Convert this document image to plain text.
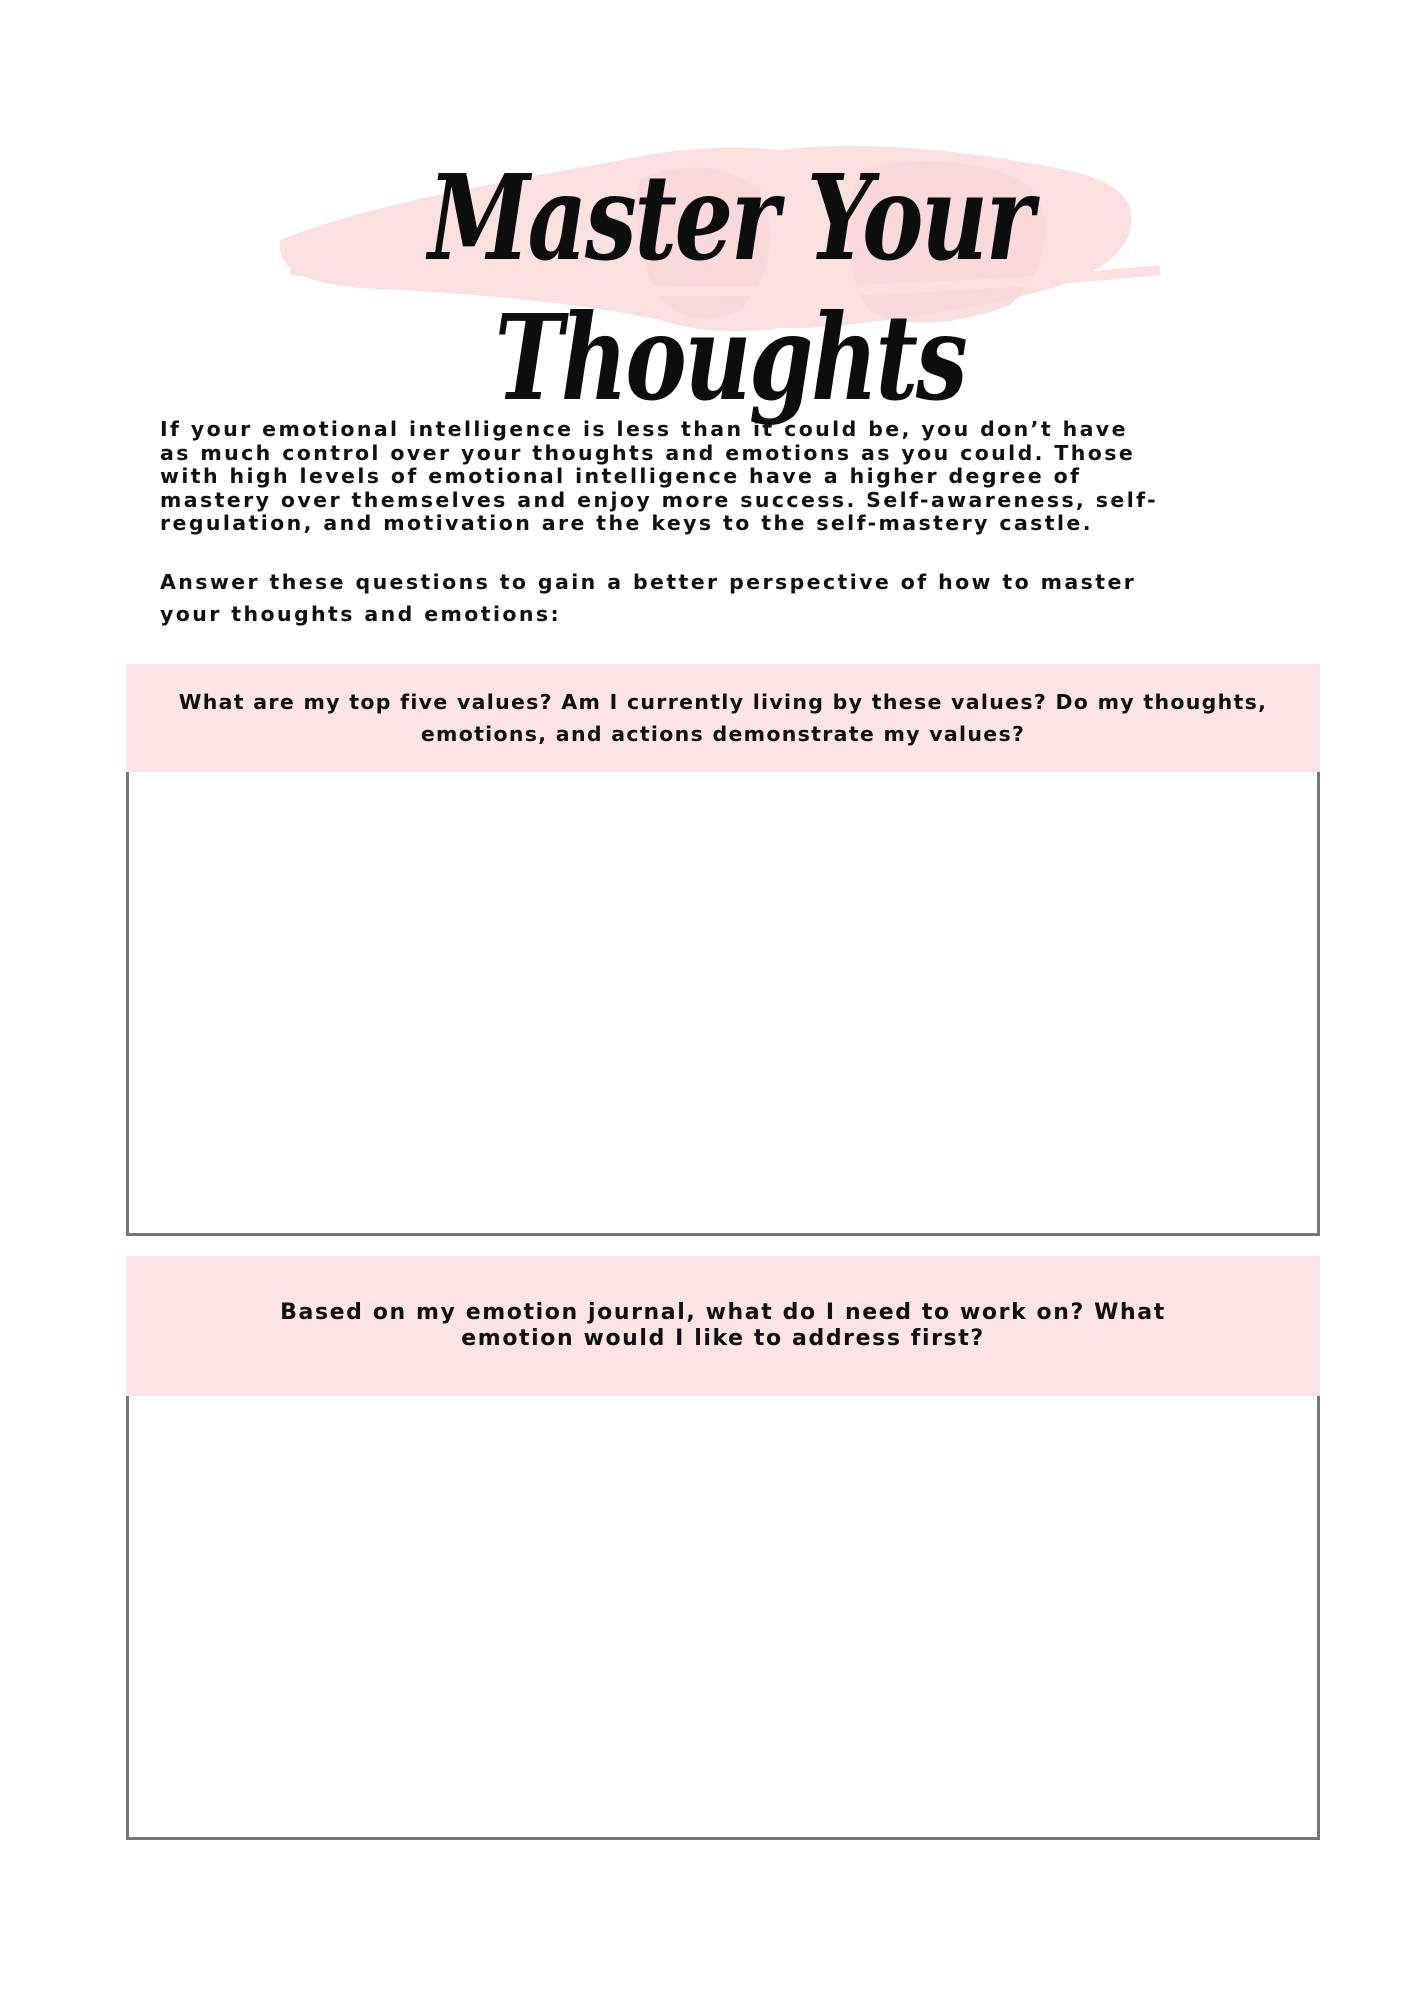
Master Your Thoughts

If your emotional intelligence is less than it could be, you don’t have as much control over your thoughts and emotions as you could. Those with high levels of emotional intelligence have a higher degree of mastery over themselves and enjoy more success. Self-awareness, self-regulation, and motivation are the keys to the self-mastery castle.

Answer these questions to gain a better perspective of how to master your thoughts and emotions:

What are my top five values? Am I currently living by these values? Do my thoughts, emotions, and actions demonstrate my values?
Based on my emotion journal, what do I need to work on? What emotion would I like to address first?
